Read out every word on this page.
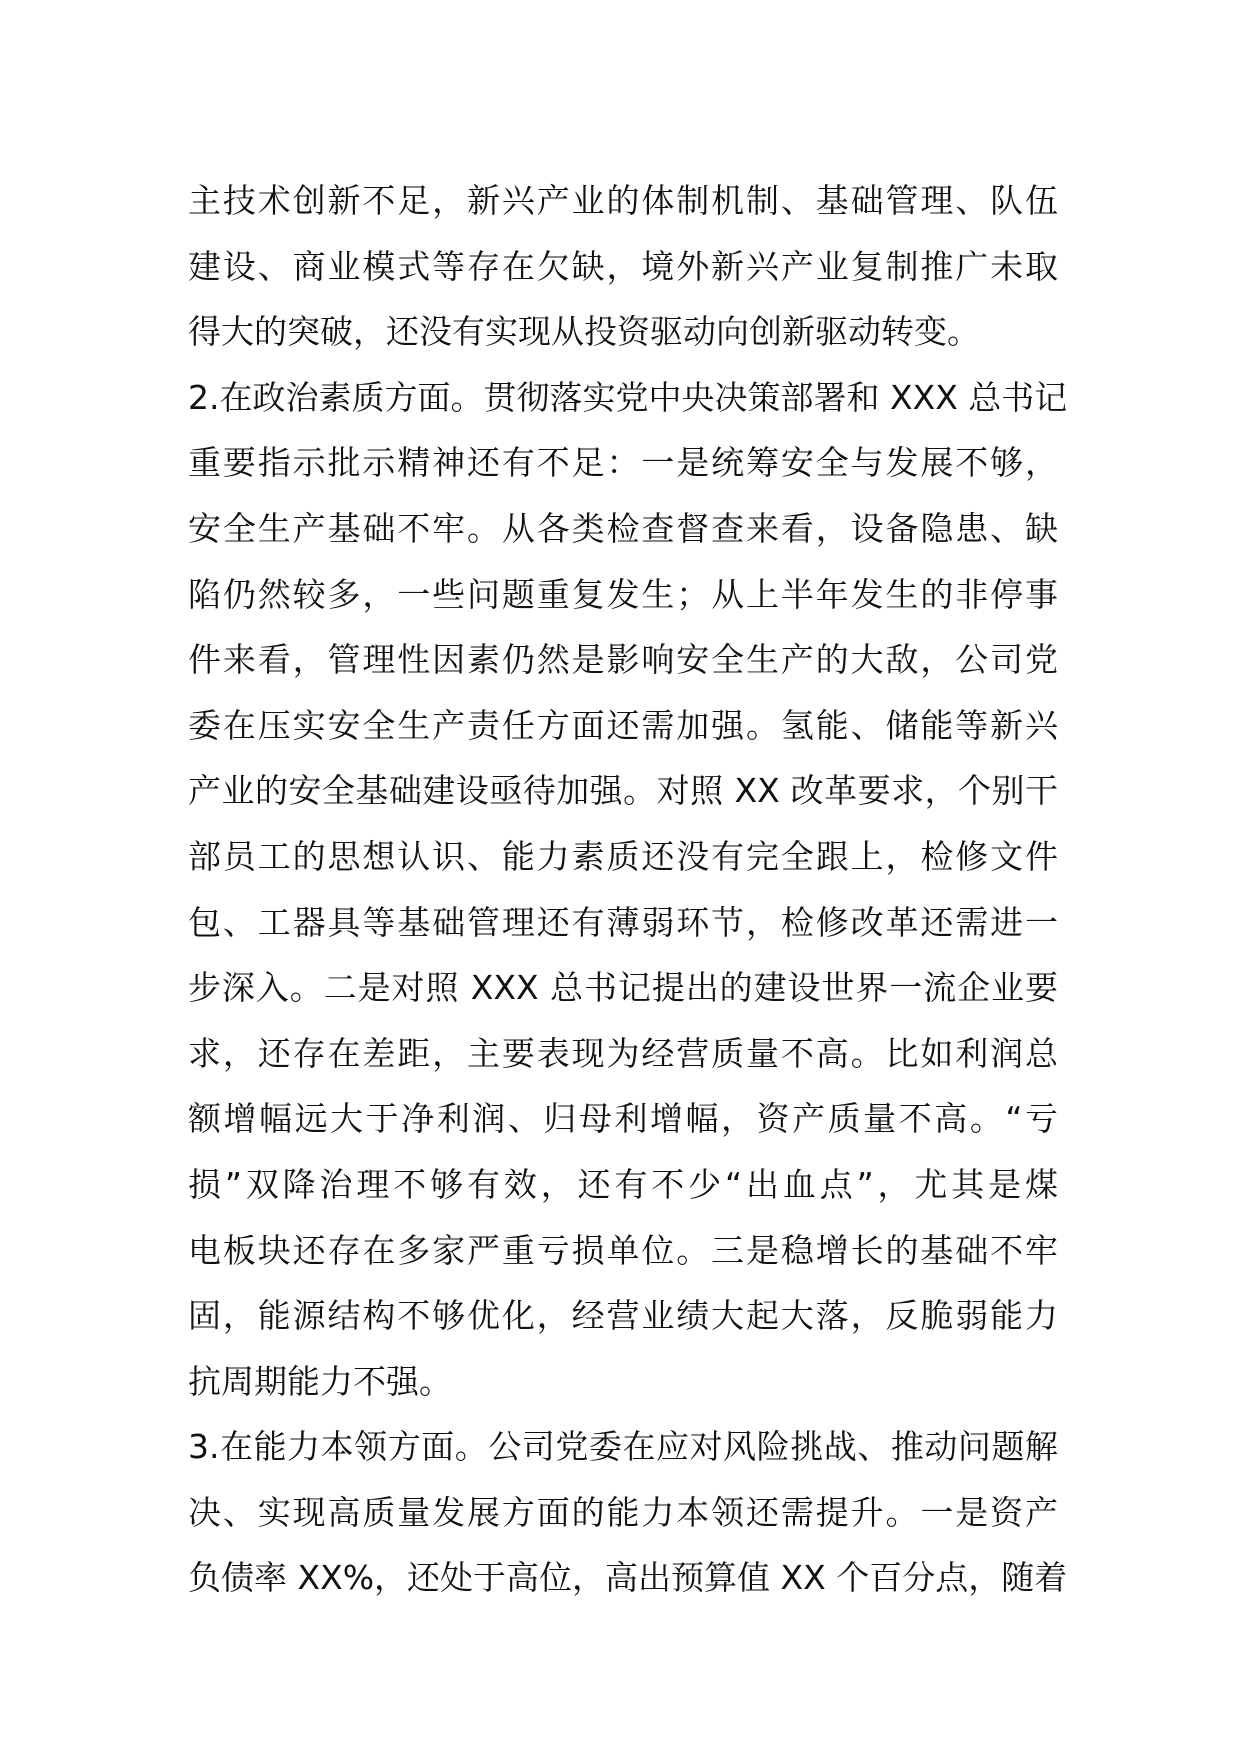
主技术创新不足，新兴产业的体制机制、基础管理、队伍
建设、商业模式等存在欠缺，境外新兴产业复制推广未取
得大的突破，还没有实现从投资驱动向创新驱动转变。
2.在政治素质方面。贯彻落实党中央决策部署和 XXX 总书记
重要指示批示精神还有不足：一是统筹安全与发展不够，
安全生产基础不牢。从各类检查督查来看，设备隐患、缺
陷仍然较多，一些问题重复发生；从上半年发生的非停事
件来看，管理性因素仍然是影响安全生产的大敌，公司党
委在压实安全生产责任方面还需加强。氢能、储能等新兴
产业的安全基础建设亟待加强。对照 XX 改革要求，个别干
部员工的思想认识、能力素质还没有完全跟上，检修文件
包、工器具等基础管理还有薄弱环节，检修改革还需进一
步深入。二是对照 XXX 总书记提出的建设世界一流企业要
求，还存在差距，主要表现为经营质量不高。比如利润总
额增幅远大于净利润、归母利增幅，资产质量不高。“亏
损”双降治理不够有效，还有不少“出血点”，尤其是煤
电板块还存在多家严重亏损单位。三是稳增长的基础不牢
固，能源结构不够优化，经营业绩大起大落，反脆弱能力
抗周期能力不强。
3.在能力本领方面。公司党委在应对风险挑战、推动问题解
决、实现高质量发展方面的能力本领还需提升。一是资产
负债率 XX%，还处于高位，高出预算值 XX 个百分点，随着
